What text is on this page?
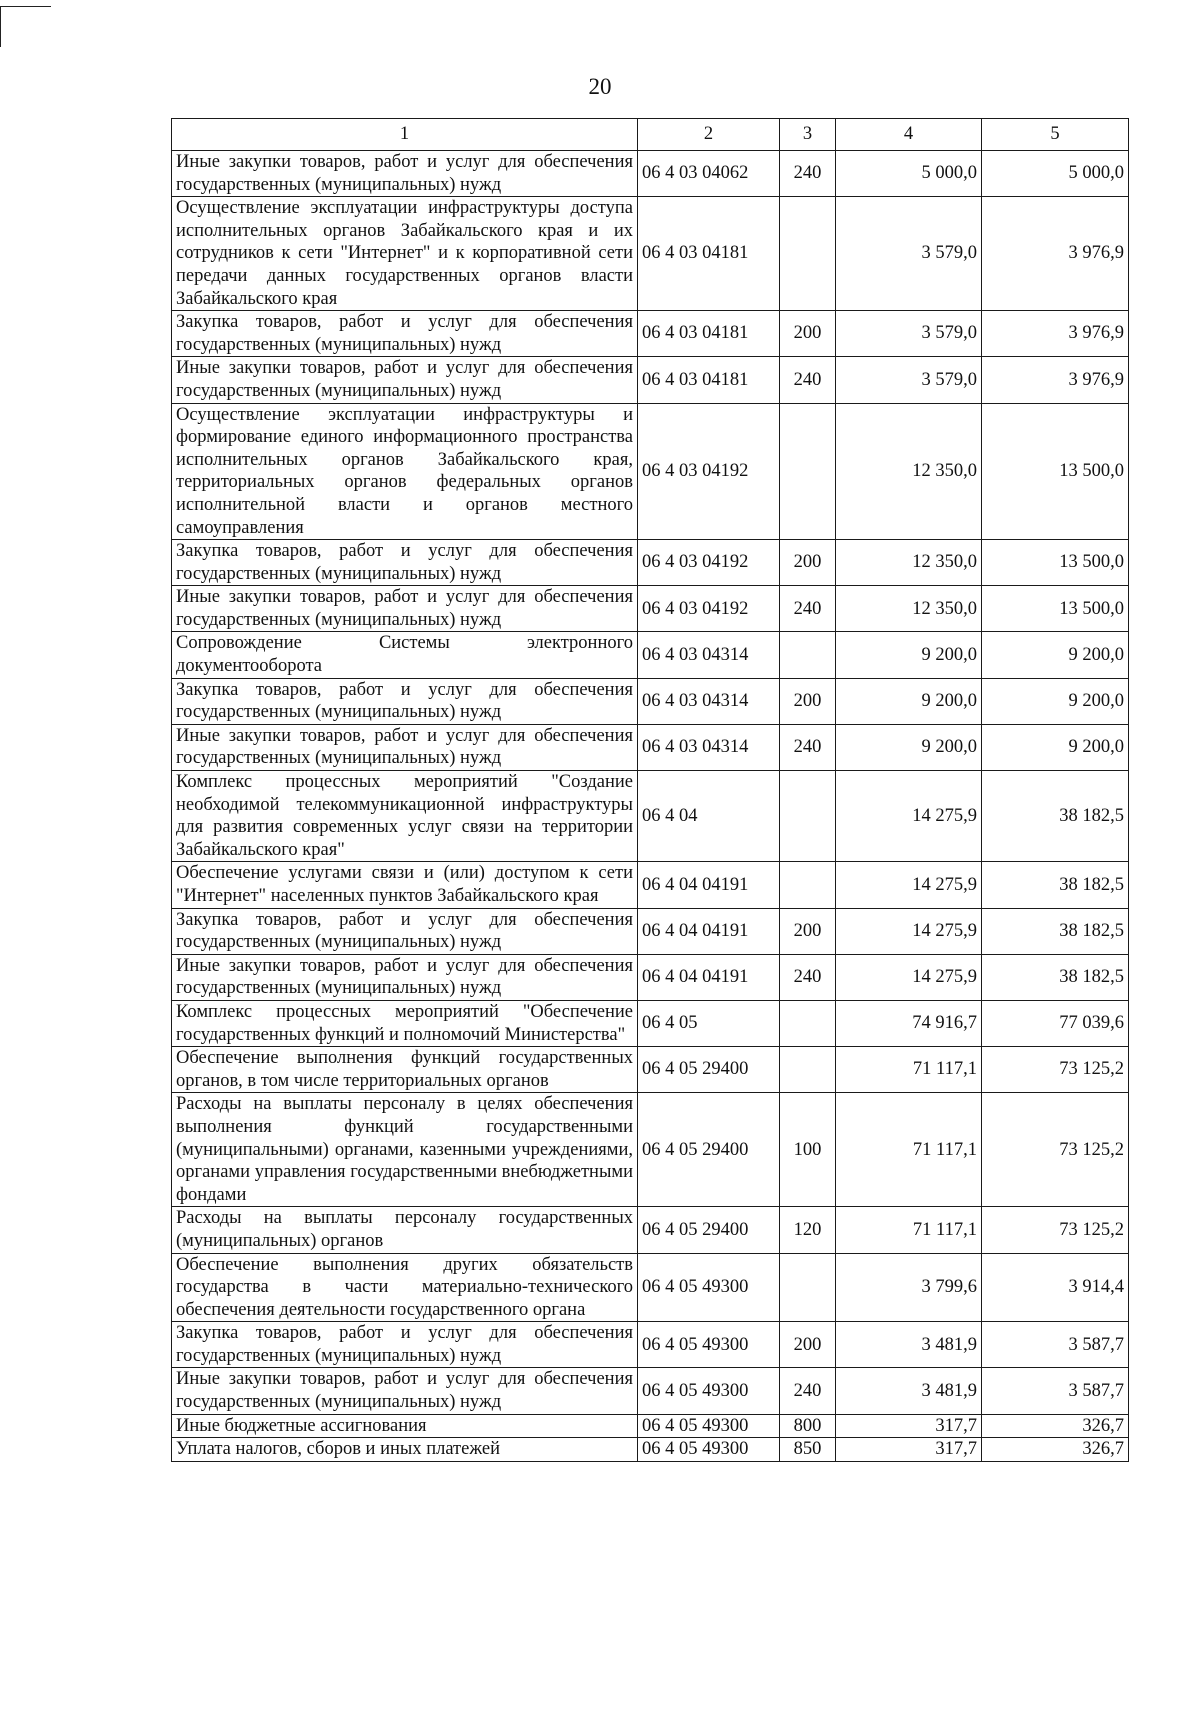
20
1	2	3	4	5
Иные закупки товаров, работ и услуг для обеспечения государственных (муниципальных) нужд	06 4 03 04062	240	5 000,0	5 000,0
Осуществление эксплуатации инфраструктуры доступа исполнительных органов Забайкальского края и их сотрудников к сети "Интернет" и к корпоративной сети передачи данных государственных органов власти Забайкальского края	06 4 03 04181		3 579,0	3 976,9
Закупка товаров, работ и услуг для обеспечения государственных (муниципальных) нужд	06 4 03 04181	200	3 579,0	3 976,9
Иные закупки товаров, работ и услуг для обеспечения государственных (муниципальных) нужд	06 4 03 04181	240	3 579,0	3 976,9
Осуществление эксплуатации инфраструктуры и формирование единого информационного пространства исполнительных органов Забайкальского края, территориальных органов федеральных органов исполнительной власти и органов местного самоуправления	06 4 03 04192		12 350,0	13 500,0
Закупка товаров, работ и услуг для обеспечения государственных (муниципальных) нужд	06 4 03 04192	200	12 350,0	13 500,0
Иные закупки товаров, работ и услуг для обеспечения государственных (муниципальных) нужд	06 4 03 04192	240	12 350,0	13 500,0
Сопровождение Системы электронного документооборота	06 4 03 04314		9 200,0	9 200,0
Закупка товаров, работ и услуг для обеспечения государственных (муниципальных) нужд	06 4 03 04314	200	9 200,0	9 200,0
Иные закупки товаров, работ и услуг для обеспечения государственных (муниципальных) нужд	06 4 03 04314	240	9 200,0	9 200,0
Комплекс процессных мероприятий "Создание необходимой телекоммуникационной инфраструктуры для развития современных услуг связи на территории Забайкальского края"	06 4 04		14 275,9	38 182,5
Обеспечение услугами связи и (или) доступом к сети "Интернет" населенных пунктов Забайкальского края	06 4 04 04191		14 275,9	38 182,5
Закупка товаров, работ и услуг для обеспечения государственных (муниципальных) нужд	06 4 04 04191	200	14 275,9	38 182,5
Иные закупки товаров, работ и услуг для обеспечения государственных (муниципальных) нужд	06 4 04 04191	240	14 275,9	38 182,5
Комплекс процессных мероприятий "Обеспечение государственных функций и полномочий Министерства"	06 4 05		74 916,7	77 039,6
Обеспечение выполнения функций государственных органов, в том числе территориальных органов	06 4 05 29400		71 117,1	73 125,2
Расходы на выплаты персоналу в целях обеспечения выполнения функций государственными (муниципальными) органами, казенными учреждениями, органами управления государственными внебюджетными фондами	06 4 05 29400	100	71 117,1	73 125,2
Расходы на выплаты персоналу государственных (муниципальных) органов	06 4 05 29400	120	71 117,1	73 125,2
Обеспечение выполнения других обязательств государства в части материально-технического обеспечения деятельности государственного органа	06 4 05 49300		3 799,6	3 914,4
Закупка товаров, работ и услуг для обеспечения государственных (муниципальных) нужд	06 4 05 49300	200	3 481,9	3 587,7
Иные закупки товаров, работ и услуг для обеспечения государственных (муниципальных) нужд	06 4 05 49300	240	3 481,9	3 587,7
Иные бюджетные ассигнования	06 4 05 49300	800	317,7	326,7
Уплата налогов, сборов и иных платежей	06 4 05 49300	850	317,7	326,7
